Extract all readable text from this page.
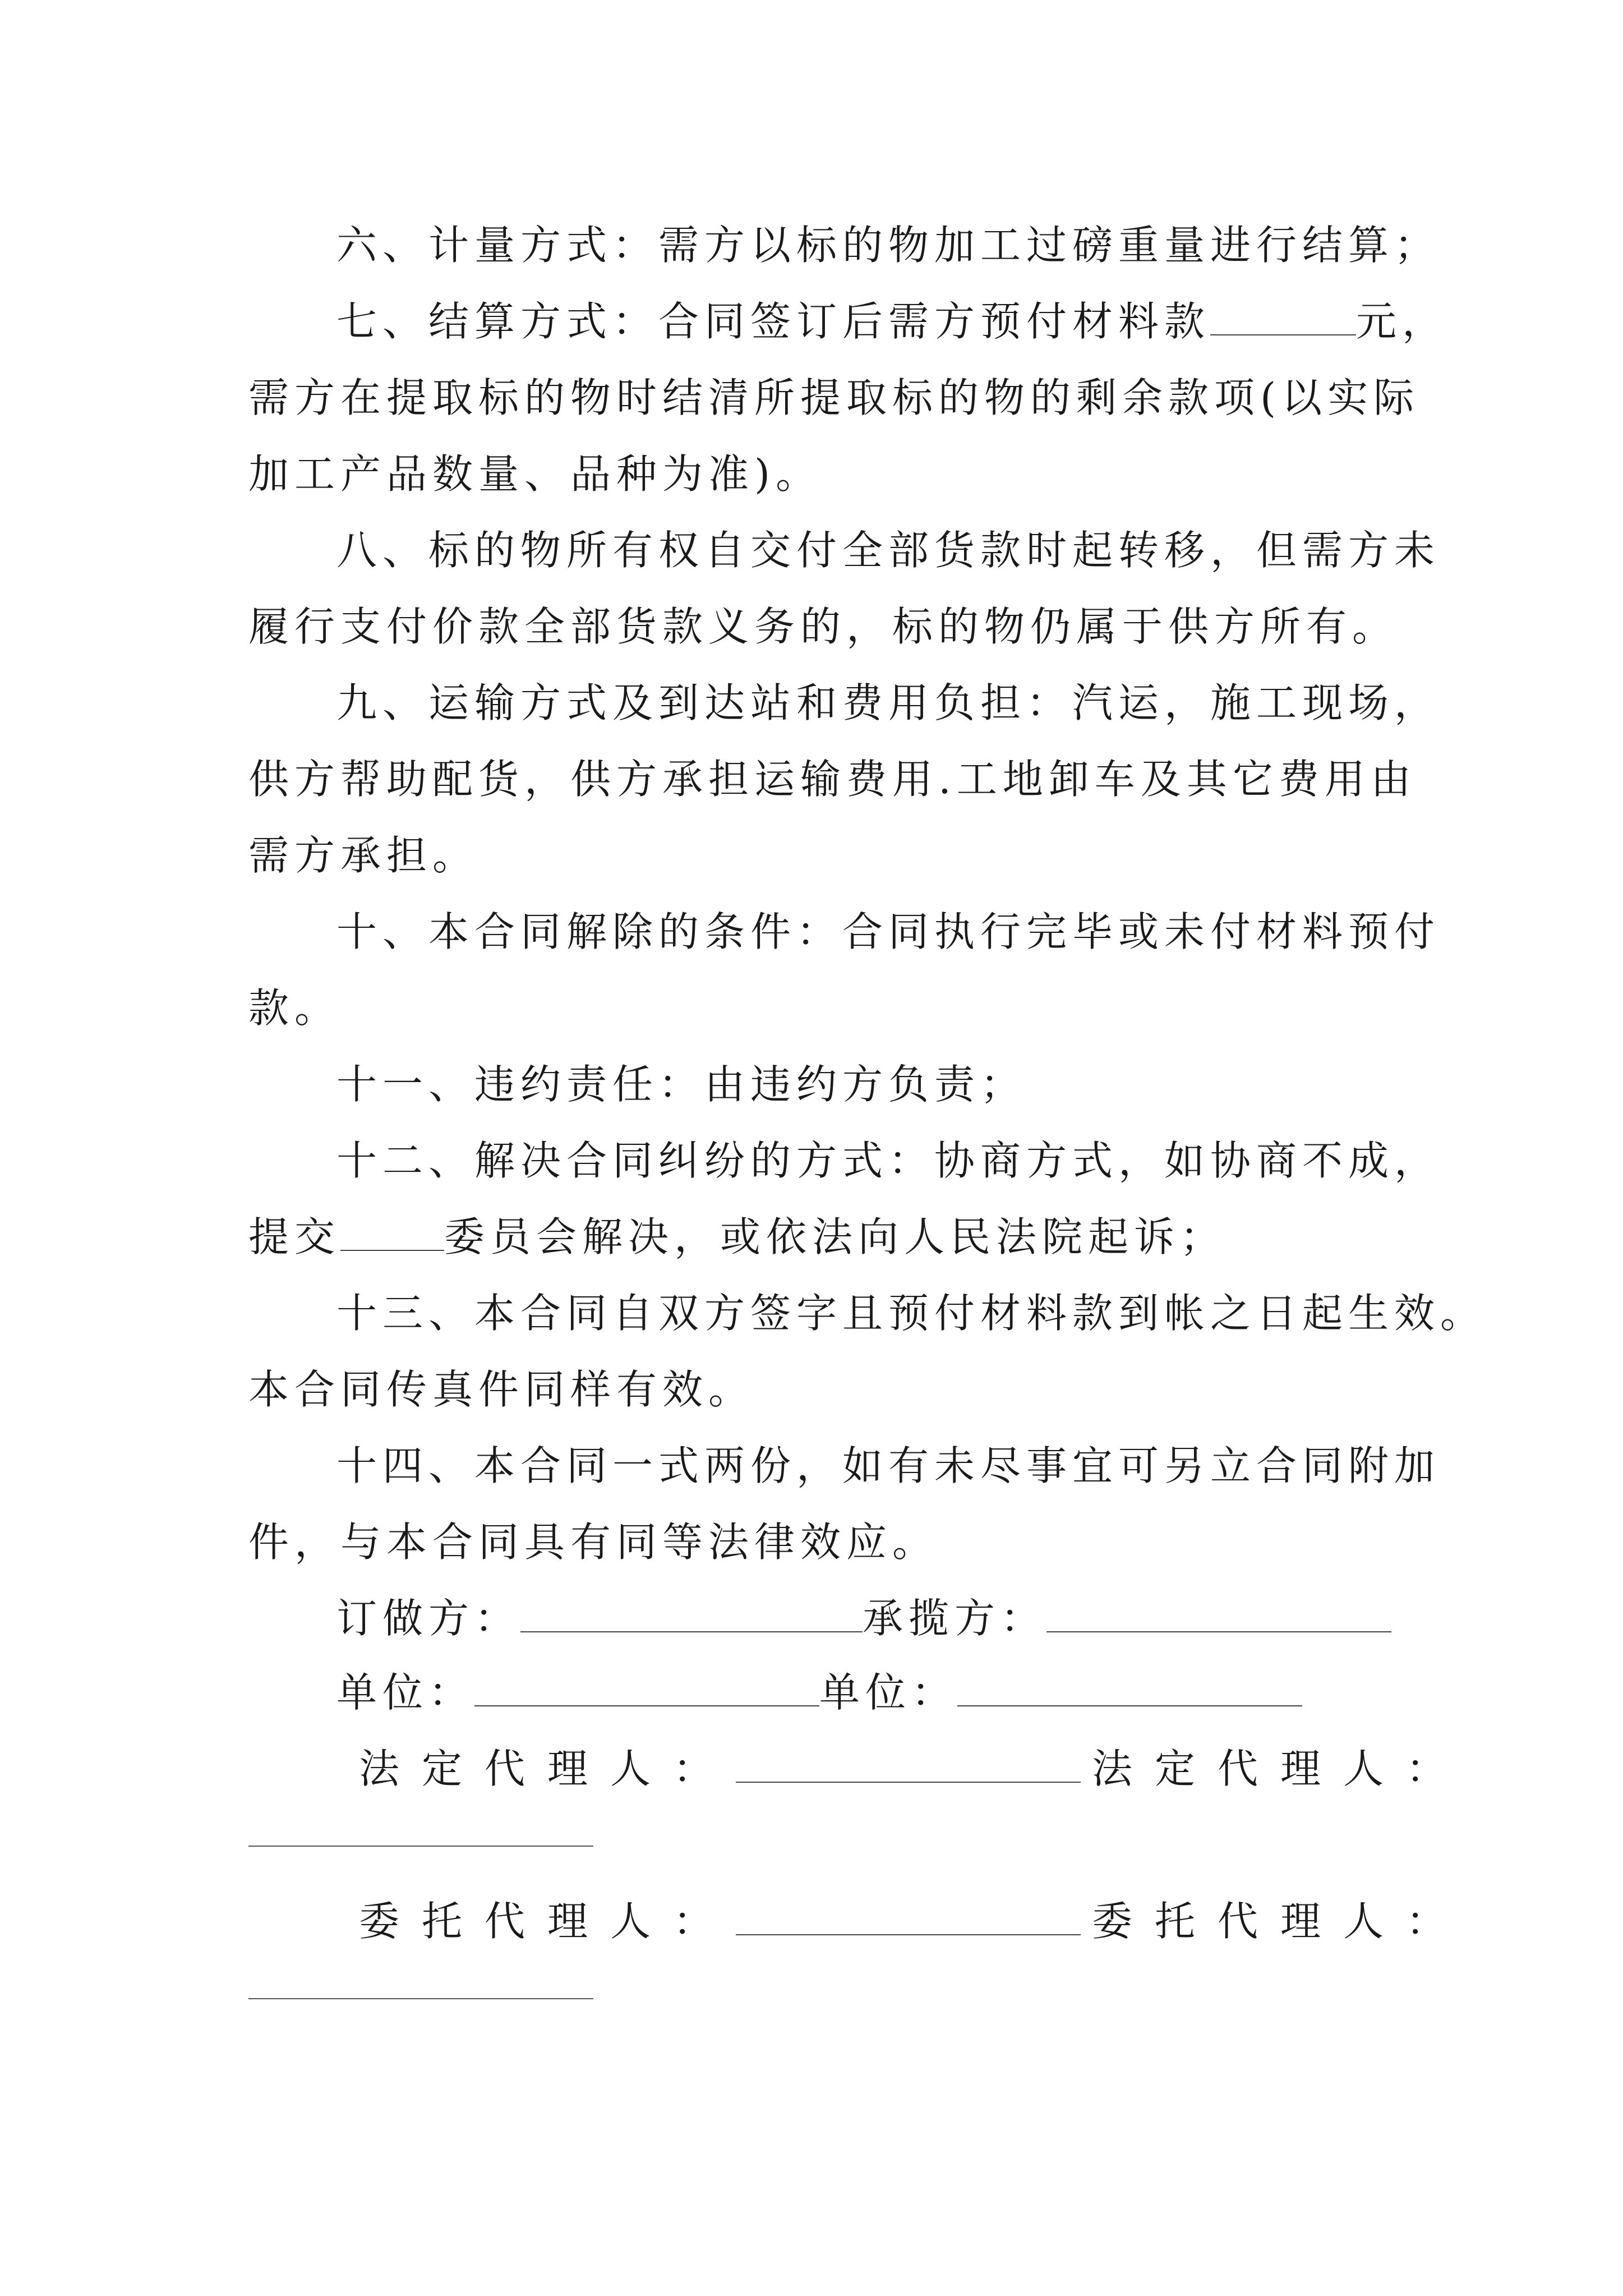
六、计量方式：需方以标的物加工过磅重量进行结算；
七、结算方式：合同签订后需方预付材料款	元，
需方在提取标的物时结清所提取标的物的剩余款项(以实际
加工产品数量、品种为准)。
八、标的物所有权自交付全部货款时起转移，但需方未
履行支付价款全部货款义务的，标的物仍属于供方所有。
九、运输方式及到达站和费用负担：汽运，施工现场，
供方帮助配货，供方承担运输费用.工地卸车及其它费用由
需方承担。
十、本合同解除的条件：合同执行完毕或未付材料预付
款。
十一、违约责任：由违约方负责；
十二、解决合同纠纷的方式：协商方式，如协商不成，
提交	委员会解决，或依法向人民法院起诉；
十三、本合同自双方签字且预付材料款到帐之日起生效。
本合同传真件同样有效。
十四、本合同一式两份，如有未尽事宜可另立合同附加
件，与本合同具有同等法律效应。
订做方：	承揽方：
单位：	单位：
法定代理人：	法定代理人：
委托代理人：	委托代理人：
